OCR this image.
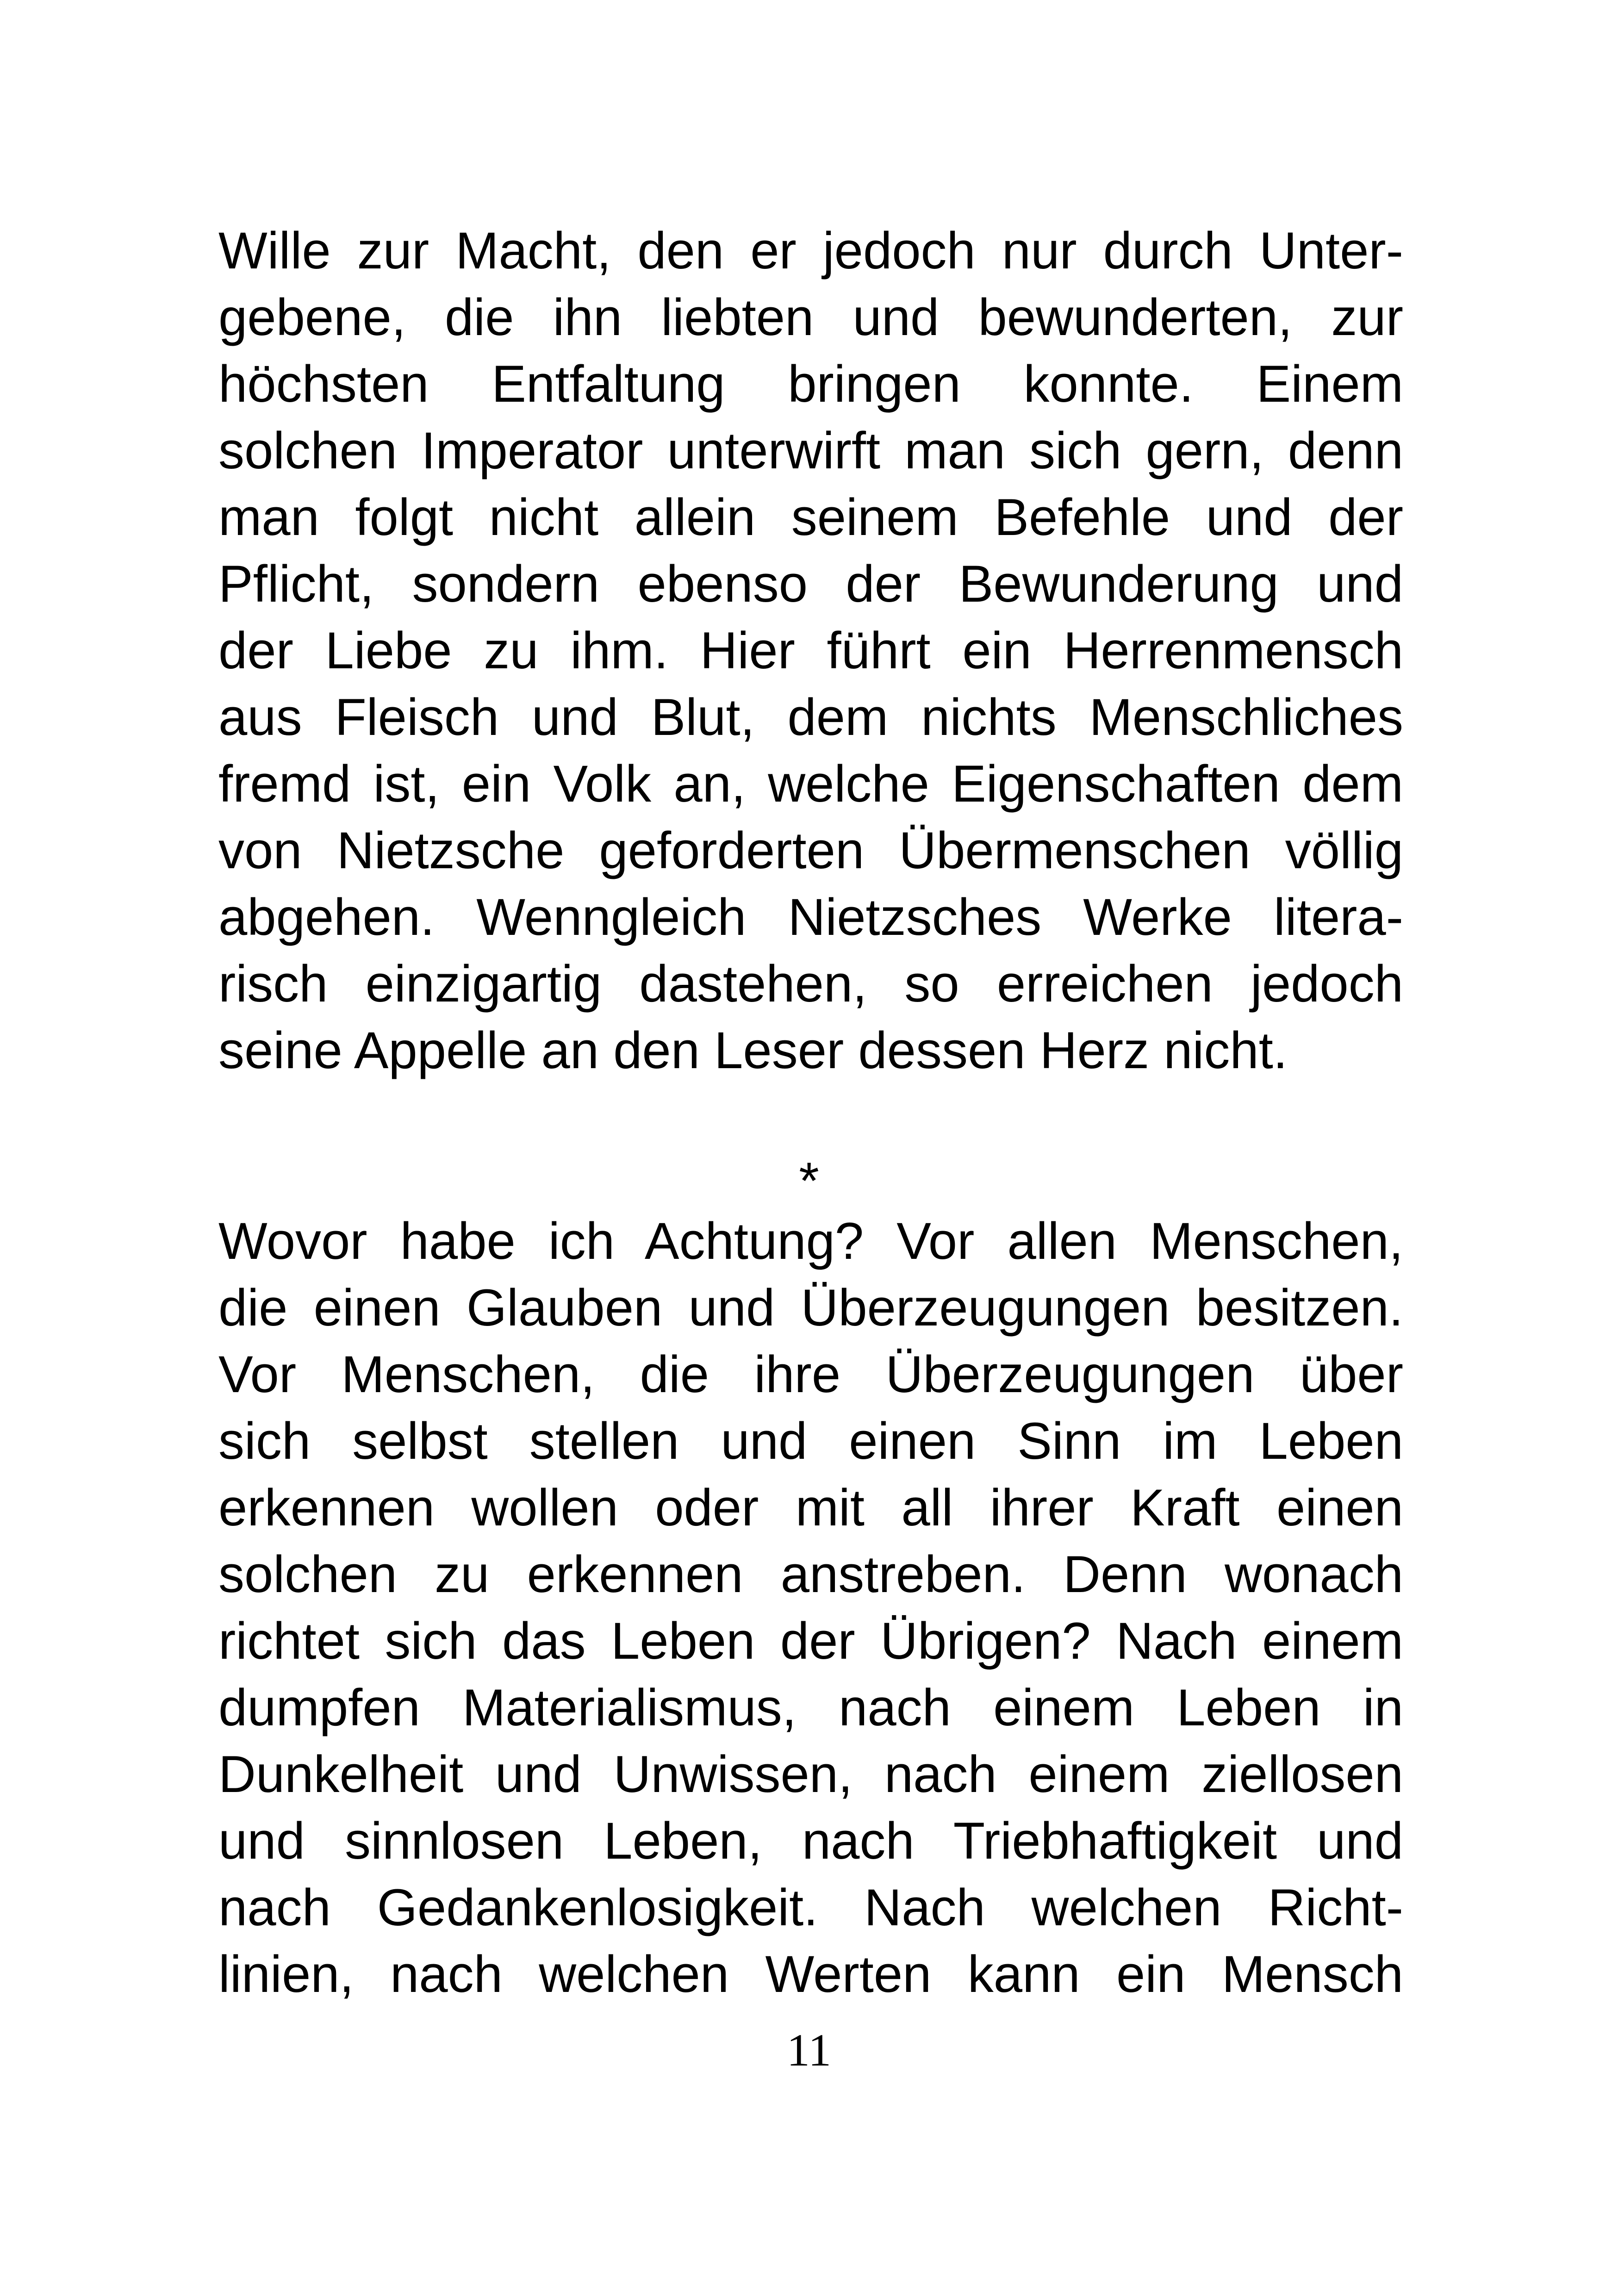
Wille zur Macht, den er jedoch nur durch Unter-
gebene, die ihn liebten und bewunderten, zur
höchsten Entfaltung bringen konnte. Einem
solchen Imperator unterwirft man sich gern, denn
man folgt nicht allein seinem Befehle und der
Pflicht, sondern ebenso der Bewunderung und
der Liebe zu ihm. Hier führt ein Herrenmensch
aus Fleisch und Blut, dem nichts Menschliches
fremd ist, ein Volk an, welche Eigenschaften dem
von Nietzsche geforderten Übermenschen völlig
abgehen. Wenngleich Nietzsches Werke litera-
risch einzigartig dastehen, so erreichen jedoch
seine Appelle an den Leser dessen Herz nicht.
*
Wovor habe ich Achtung? Vor allen Menschen,
die einen Glauben und Überzeugungen besitzen.
Vor Menschen, die ihre Überzeugungen über
sich selbst stellen und einen Sinn im Leben
erkennen wollen oder mit all ihrer Kraft einen
solchen zu erkennen anstreben. Denn wonach
richtet sich das Leben der Übrigen? Nach einem
dumpfen Materialismus, nach einem Leben in
Dunkelheit und Unwissen, nach einem ziellosen
und sinnlosen Leben, nach Triebhaftigkeit und
nach Gedankenlosigkeit. Nach welchen Richt-
linien, nach welchen Werten kann ein Mensch
11
